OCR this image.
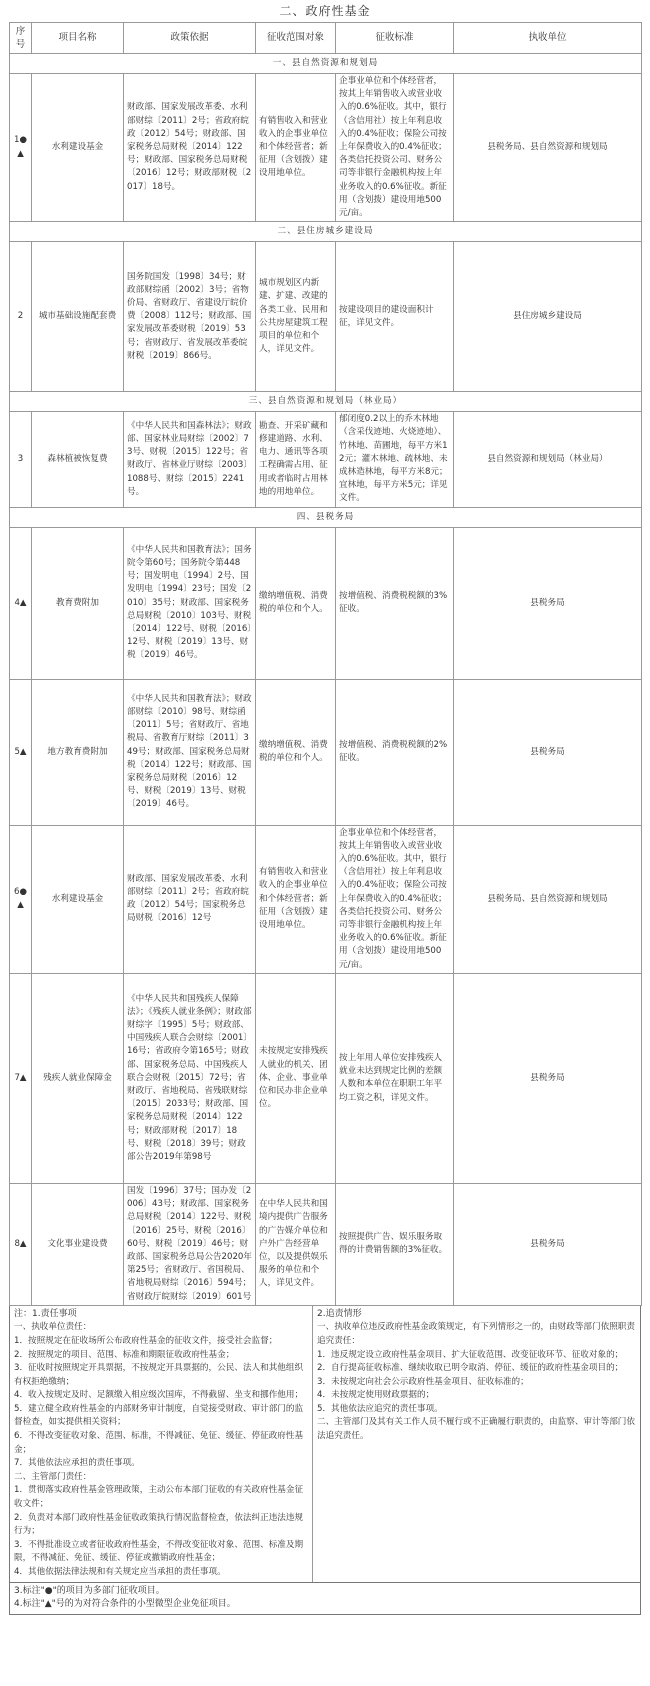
二、政府性基金
序号	项目名称	政策依据	征收范围对象	征收标准	执收单位
一、县自然资源和规划局					
1●▲	水利建设基金	财政部、国家发展改革委、水利部财综〔2011〕2号；省政府皖政〔2012〕54号；财政部、国家税务总局财税〔2014〕122号；财政部、国家税务总局财税〔2016〕12号；财政部财税〔2017〕18号。	有销售收入和营业收入的企事业单位和个体经营者；新征用（含划拨）建设用地单位。	企事业单位和个体经营者，按其上年销售收入或营业收入的0.6%征收。其中，银行（含信用社）按上年利息收入的0.4%征收；保险公司按上年保费收入的0.4%征收；各类信托投资公司、财务公司等非银行金融机构按上年业务收入的0.6%征收。新征用（含划拨）建设用地500元/亩。	县税务局、县自然资源和规划局
二、县住房城乡建设局					
2	城市基础设施配套费	国务院国发〔1998〕34号；财政部财综函〔2002〕3号；省物价局、省财政厅、省建设厅皖价费〔2008〕112号；财政部、国家发展改革委财税〔2019〕53号；省财政厅、省发展改革委皖财税〔2019〕866号。	城市规划区内新建、扩建、改建的各类工业、民用和公共房屋建筑工程项目的单位和个人，详见文件。	按建设项目的建设面积计征，详见文件。	县住房城乡建设局
三、县自然资源和规划局（林业局）					
3	森林植被恢复费	《中华人民共和国森林法》；财政部、国家林业局财综〔2002〕73号、财税〔2015〕122号；省财政厅、省林业厅财综〔2003〕1088号、财综〔2015〕2241号。	勘查、开采矿藏和修建道路、水利、电力、通讯等各项工程确需占用、征用或者临时占用林地的用地单位。	郁闭度0.2以上的乔木林地（含采伐迹地、火烧迹地）、竹林地、苗圃地，每平方米12元；灌木林地、疏林地、未成林造林地，每平方米8元；宜林地，每平方米5元；详见文件。	县自然资源和规划局（林业局）
四、县税务局					
4▲	教育费附加	《中华人民共和国教育法》；国务院令第60号；国务院令第448号；国发明电〔1994〕2号、国发明电〔1994〕23号；国发〔2010〕35号；财政部、国家税务总局财税〔2010〕103号、财税〔2014〕122号、财税〔2016〕12号、财税〔2019〕13号、财税〔2019〕46号。	缴纳增值税、消费税的单位和个人。	按增值税、消费税税额的3%征收。	县税务局
5▲	地方教育费附加	《中华人民共和国教育法》；财政部财综〔2010〕98号、财综函〔2011〕5号；省财政厅、省地税局、省教育厅财综〔2011〕349号；财政部、国家税务总局财税〔2014〕122号；财政部、国家税务总局财税〔2016〕12号、财税〔2019〕13号、财税〔2019〕46号。	缴纳增值税、消费税的单位和个人。	按增值税、消费税税额的2%征收。	县税务局
6●▲	水利建设基金	财政部、国家发展改革委、水利部财综〔2011〕2号；省政府皖政〔2012〕54号；国家税务总局财税〔2016〕12号	有销售收入和营业收入的企事业单位和个体经营者；新征用（含划拨）建设用地单位。	企事业单位和个体经营者，按其上年销售收入或营业收入的0.6%征收。其中，银行（含信用社）按上年利息收入的0.4%征收；保险公司按上年保费收入的0.4%征收；各类信托投资公司、财务公司等非银行金融机构按上年业务收入的0.6%征收。新征用（含划拨）建设用地500元/亩。	县税务局、县自然资源和规划局
7▲	残疾人就业保障金	《中华人民共和国残疾人保障法》；《残疾人就业条例》；财政部财综字〔1995〕5号；财政部、中国残疾人联合会财综〔2001〕16号；省政府令第165号；财政部、国家税务总局、中国残疾人联合会财税〔2015〕72号；省财政厅、省地税局、省残联财综〔2015〕2033号；财政部、国家税务总局财税〔2014〕122号；财政部财税〔2017〕18号、财税〔2018〕39号；财政部公告2019年第98号	未按规定安排残疾人就业的机关、团体、企业、事业单位和民办非企业单位。	按上年用人单位安排残疾人就业未达到规定比例的差额人数和本单位在职职工年平均工资之积，详见文件。	县税务局
8▲	文化事业建设费	国发〔1996〕37号；国办发〔2006〕43号；财政部、国家税务总局财税〔2014〕122号、财税〔2016〕25号、财税〔2016〕60号、财税〔2019〕46号；财政部、国家税务总局公告2020年第25号；省财政厅、省国税局、省地税局财综〔2016〕594号；省财政厅皖财综〔2019〕601号	在中华人民共和国境内提供广告服务的广告媒介单位和户外广告经营单位，以及提供娱乐服务的单位和个人，详见文件。	按照提供广告、娱乐服务取得的计费销售额的3%征收。	县税务局

注：1.责任事项

一、执收单位责任：

1．按照规定在征收场所公布政府性基金的征收文件，接受社会监督；

2．按照规定的项目、范围、标准和期限征收政府性基金；

3．征收时按照规定开具票据，不按规定开具票据的，公民、法人和其他组织有权拒绝缴纳；

4．收入按规定及时、足额缴入相应级次国库，不得截留、坐支和挪作他用；

5．建立健全政府性基金的内部财务审计制度，自觉接受财政、审计部门的监督检查，如实提供相关资料；

6．不得改变征收对象、范围、标准，不得减征、免征、缓征、停征政府性基金；

7．其他依法应承担的责任事项。

二、主管部门责任：

1．贯彻落实政府性基金管理政策，主动公布本部门征收的有关政府性基金征收文件；

2．负责对本部门政府性基金征收政策执行情况监督检查，依法纠正违法违规行为；

3．不得批准设立或者征收政府性基金，不得改变征收对象、范围、标准及期限，不得减征、免征、缓征、停征或撤销政府性基金；

4．其他依据法律法规和有关规定应当承担的责任事项。

2.追责情形

一、执收单位违反政府性基金政策规定，有下列情形之一的，由财政等部门依照职责追究责任：

1．违反规定设立政府性基金项目、扩大征收范围、改变征收环节、征收对象的；

2．自行提高征收标准、继续收取已明令取消、停征、缓征的政府性基金项目的；

3．未按规定向社会公示政府性基金项目、征收标准的；

4．未按规定使用财政票据的；

5．其他依法应追究的责任事项。

二、主管部门及其有关工作人员不履行或不正确履行职责的，由监察、审计等部门依法追究责任。

3.标注"●"的项目为多部门征收项目。

4.标注"▲"号的为对符合条件的小型微型企业免征项目。
